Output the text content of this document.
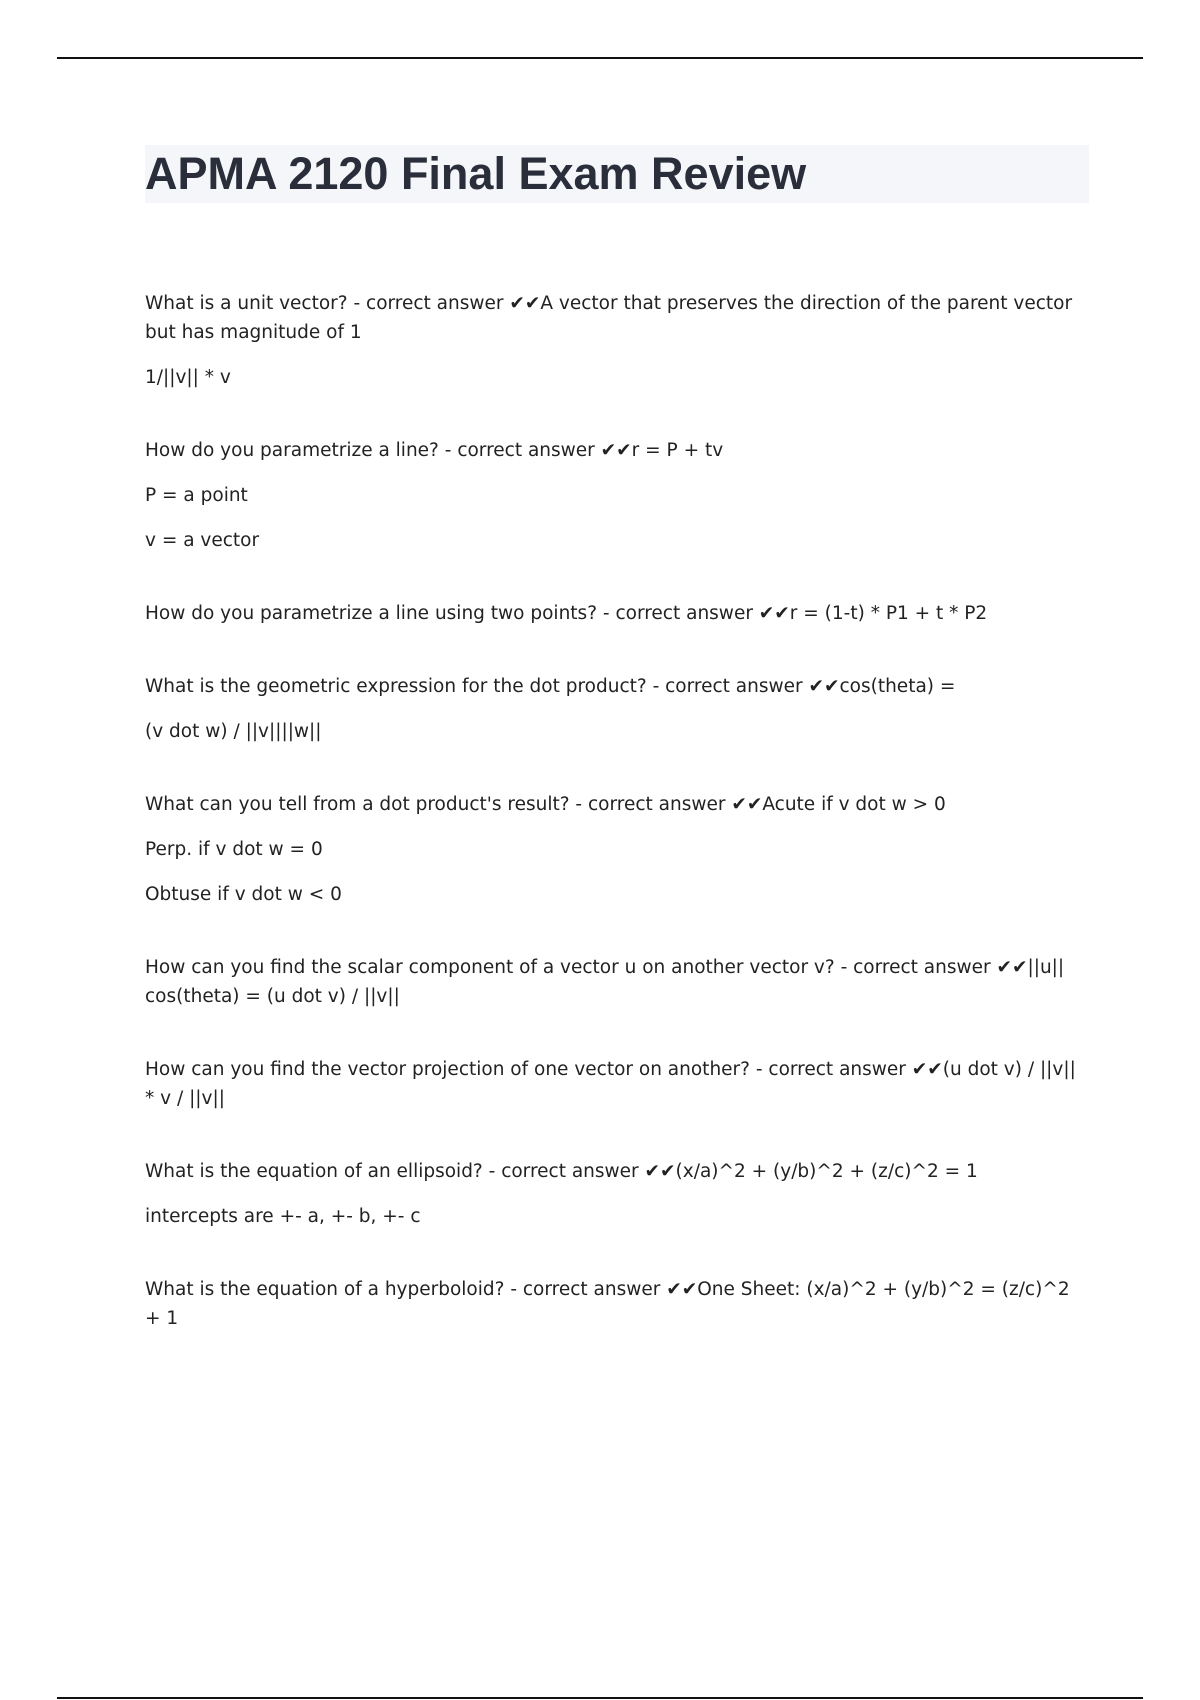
APMA 2120 Final Exam Review

What is a unit vector? - correct answer ✔✔A vector that preserves the direction of the parent vector but has magnitude of 1

1/||v|| * v

How do you parametrize a line? - correct answer ✔✔r = P + tv

P = a point

v = a vector

How do you parametrize a line using two points? - correct answer ✔✔r = (1-t) * P1 + t * P2

What is the geometric expression for the dot product? - correct answer ✔✔cos(theta) =

(v dot w) / ||v||||w||

What can you tell from a dot product's result? - correct answer ✔✔Acute if v dot w > 0

Perp. if v dot w = 0

Obtuse if v dot w < 0

How can you find the scalar component of a vector u on another vector v? - correct answer ✔✔||u|| cos(theta) = (u dot v) / ||v||

How can you find the vector projection of one vector on another? - correct answer ✔✔(u dot v) / ||v|| * v / ||v||

What is the equation of an ellipsoid? - correct answer ✔✔(x/a)^2 + (y/b)^2 + (z/c)^2 = 1

intercepts are +- a, +- b, +- c

What is the equation of a hyperboloid? - correct answer ✔✔One Sheet: (x/a)^2 + (y/b)^2 = (z/c)^2 + 1
